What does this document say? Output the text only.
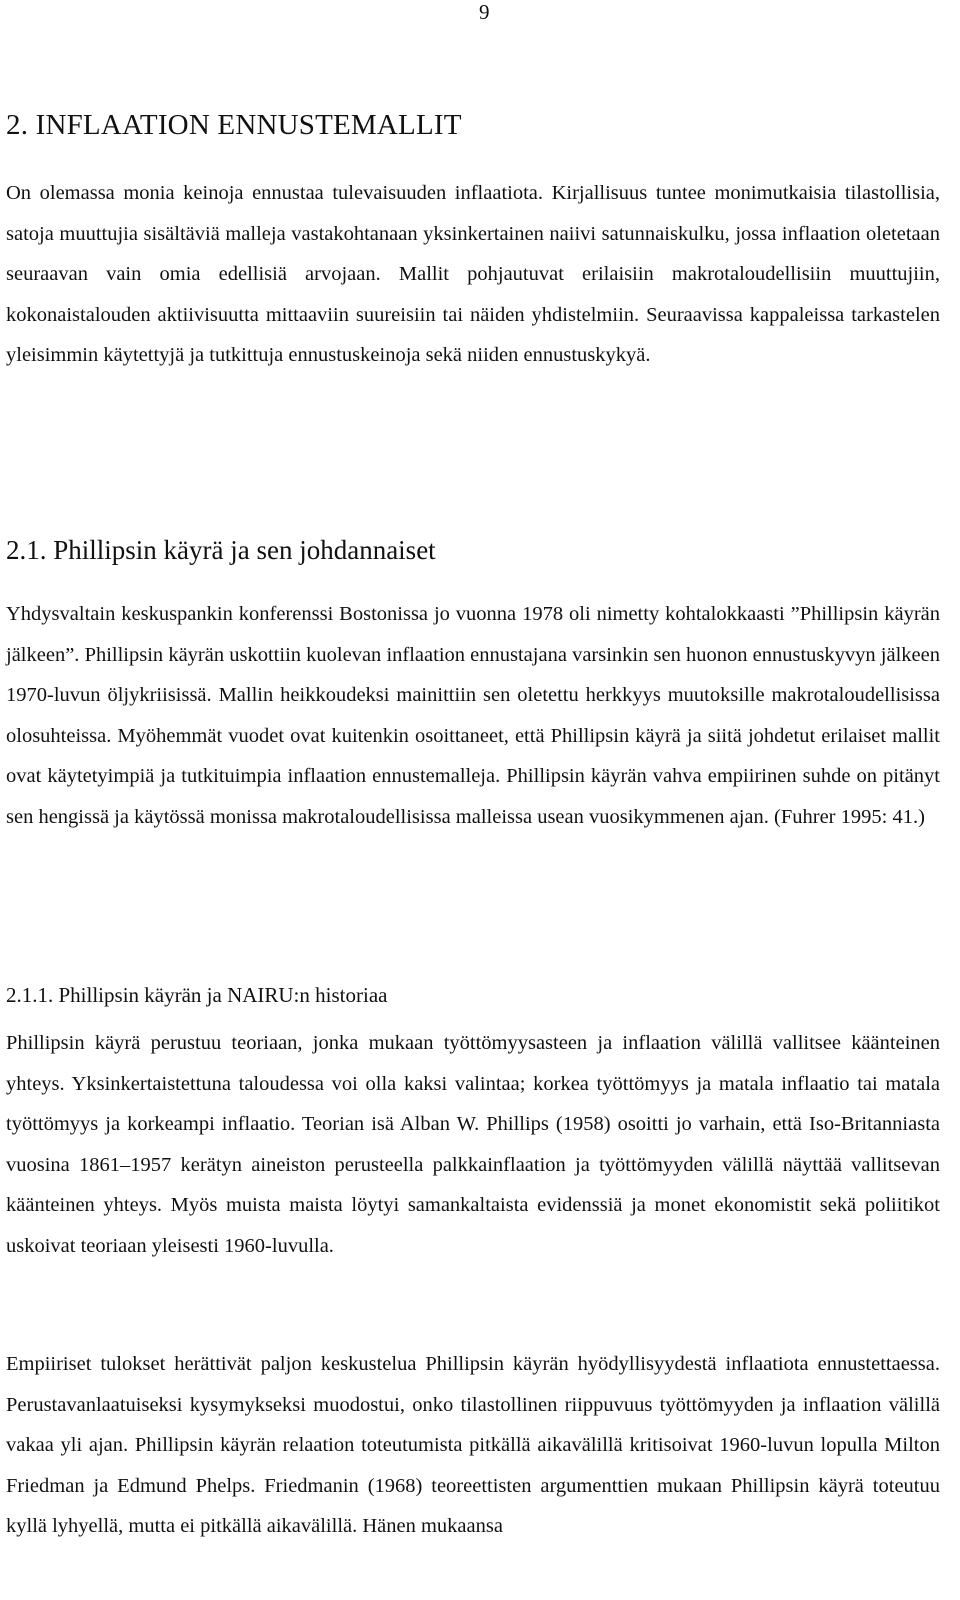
9
2. INFLAATION ENNUSTEMALLIT

On olemassa monia keinoja ennustaa tulevaisuuden inflaatiota. Kirjallisuus tuntee monimutkaisia tilastollisia, satoja muuttujia sisältäviä malleja vastakohtanaan yksinkertainen naiivi satunnaiskulku, jossa inflaation oletetaan seuraavan vain omia edellisiä arvojaan. Mallit pohjautuvat erilaisiin makrotaloudellisiin muuttujiin, kokonaistalouden aktiivisuutta mittaaviin suureisiin tai näiden yhdistelmiin. Seuraavissa kappaleissa tarkastelen yleisimmin käytettyjä ja tutkittuja ennustuskeinoja sekä niiden ennustuskykyä.

2.1. Phillipsin käyrä ja sen johdannaiset

Yhdysvaltain keskuspankin konferenssi Bostonissa jo vuonna 1978 oli nimetty kohtalokkaasti ”Phillipsin käyrän jälkeen”. Phillipsin käyrän uskottiin kuolevan inflaation ennustajana varsinkin sen huonon ennustuskyvyn jälkeen 1970-luvun öljykriisissä. Mallin heikkoudeksi mainittiin sen oletettu herkkyys muutoksille makrotaloudellisissa olosuhteissa. Myöhemmät vuodet ovat kuitenkin osoittaneet, että Phillipsin käyrä ja siitä johdetut erilaiset mallit ovat käytetyimpiä ja tutkituimpia inflaation ennustemalleja. Phillipsin käyrän vahva empiirinen suhde on pitänyt sen hengissä ja käytössä monissa makrotaloudellisissa malleissa usean vuosikymmenen ajan. (Fuhrer 1995: 41.)

2.1.1. Phillipsin käyrän ja NAIRU:n historiaa

Phillipsin käyrä perustuu teoriaan, jonka mukaan työttömyysasteen ja inflaation välillä vallitsee käänteinen yhteys. Yksinkertaistettuna taloudessa voi olla kaksi valintaa; korkea työttömyys ja matala inflaatio tai matala työttömyys ja korkeampi inflaatio. Teorian isä Alban W. Phillips (1958) osoitti jo varhain, että Iso-Britanniasta vuosina 1861–1957 kerätyn aineiston perusteella palkkainflaation ja työttömyyden välillä näyttää vallitsevan käänteinen yhteys. Myös muista maista löytyi samankaltaista evidenssiä ja monet ekonomistit sekä poliitikot uskoivat teoriaan yleisesti 1960-luvulla.

Empiiriset tulokset herättivät paljon keskustelua Phillipsin käyrän hyödyllisyydestä inflaatiota ennustettaessa. Perustavanlaatuiseksi kysymykseksi muodostui, onko tilastollinen riippuvuus työttömyyden ja inflaation välillä vakaa yli ajan. Phillipsin käyrän relaation toteutumista pitkällä aikavälillä kritisoivat 1960-luvun lopulla Milton Friedman ja Edmund Phelps. Friedmanin (1968) teoreettisten argumenttien mukaan Phillipsin käyrä toteutuu kyllä lyhyellä, mutta ei pitkällä aikavälillä. Hänen mukaansa
